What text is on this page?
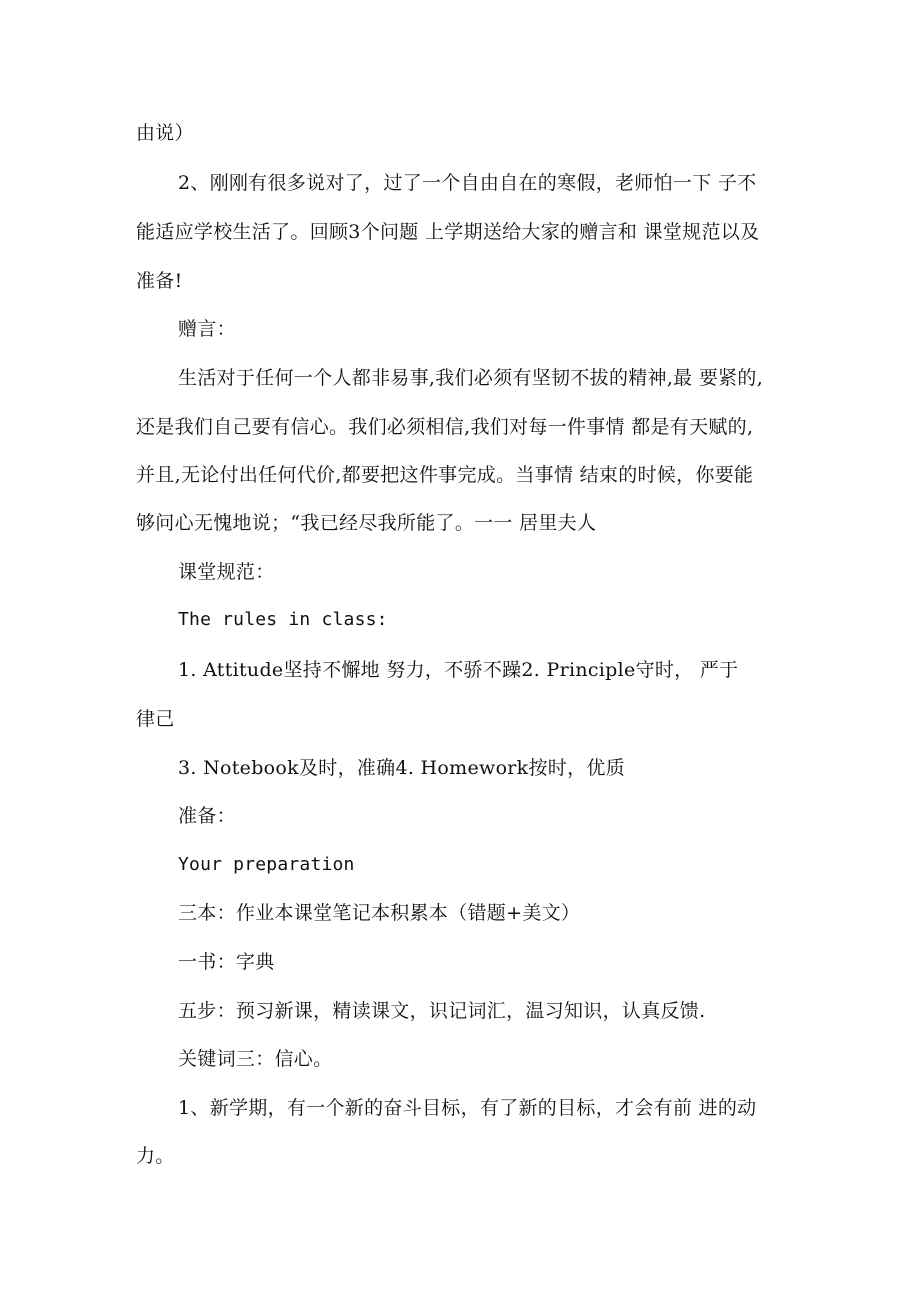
由说）
2、刚刚有很多说对了，过了一个自由自在的寒假，老师怕一下 子不
能适应学校生活了。回顾3个问题 上学期送给大家的赠言和 课堂规范以及
准备!
赠言：
生活对于任何一个人都非易事,我们必须有坚韧不拔的精神,最 要紧的,
还是我们自己要有信心。我们必须相信,我们对每一件事情 都是有天赋的,
并且,无论付出任何代价,都要把这件事完成。当事情 结束的时候，你要能
够问心无愧地说；“我已经尽我所能了。一一 居里夫人
课堂规范：
The rules in class:
1. Attitude坚持不懈地 努力，不骄不躁2. Principle守时， 严于
律己
3. Notebook及时，准确4. Homework按时，优质
准备：
Your preparation
三本：作业本课堂笔记本积累本（错题+美文）
一书：字典
五步：预习新课，精读课文，识记词汇，温习知识，认真反馈.
关键词三：信心。
1、新学期，有一个新的奋斗目标，有了新的目标，才会有前 进的动
力。
